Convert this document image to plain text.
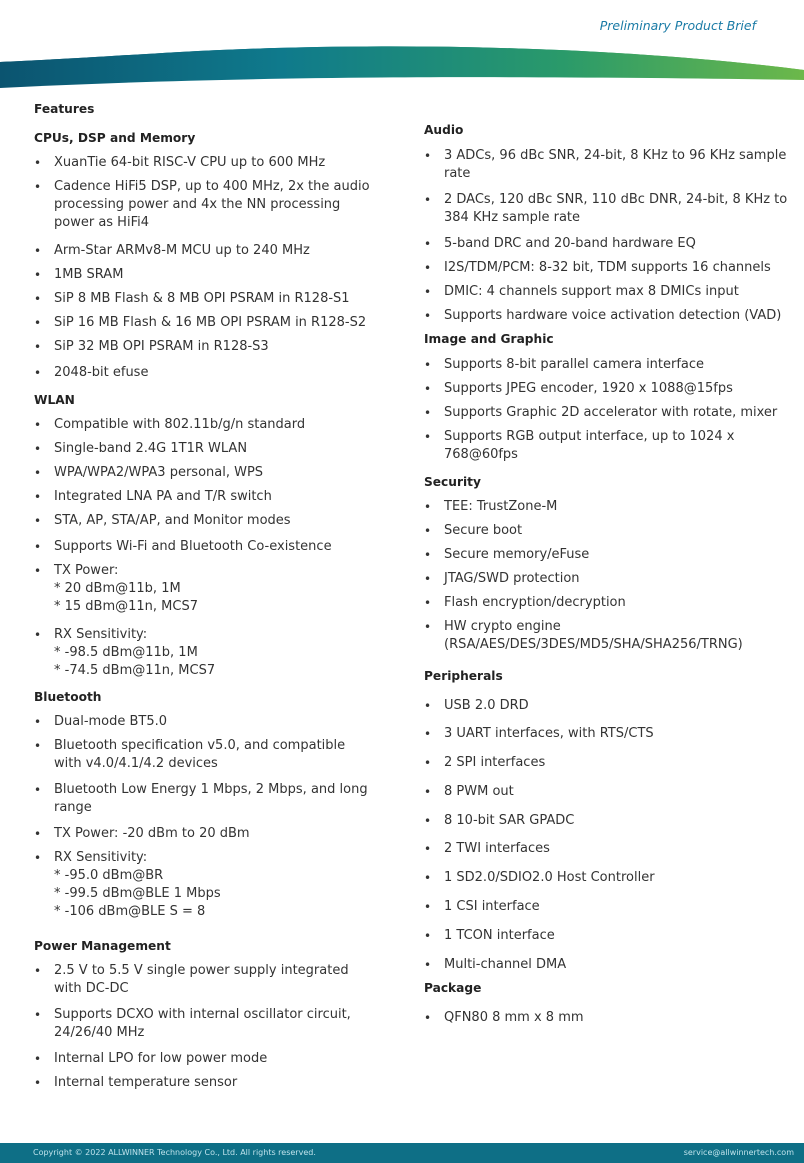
ALLWINNER	Preliminary Product Brief
Features
CPUs, DSP and Memory
• XuanTie 64-bit RISC-V CPU up to 600 MHz
• Cadence HiFi5 DSP, up to 400 MHz, 2x the audio
processing power and 4x the NN processing
power as HiFi4
• Arm-Star ARMv8-M MCU up to 240 MHz
• 1MB SRAM
• SiP 8 MB Flash & 8 MB OPI PSRAM in R128-S1
• SiP 16 MB Flash & 16 MB OPI PSRAM in R128-S2
• SiP 32 MB OPI PSRAM in R128-S3
• 2048-bit efuse
WLAN
• Compatible with 802.11b/g/n standard
• Single-band 2.4G 1T1R WLAN
• WPA/WPA2/WPA3 personal, WPS
• Integrated LNA PA and T/R switch
• STA, AP, STA/AP, and Monitor modes
• Supports Wi-Fi and Bluetooth Co-existence
• TX Power:
* 20 dBm@11b, 1M
* 15 dBm@11n, MCS7
• RX Sensitivity:
* -98.5 dBm@11b, 1M
* -74.5 dBm@11n, MCS7
Bluetooth
• Dual-mode BT5.0
• Bluetooth specification v5.0, and compatible
with v4.0/4.1/4.2 devices
• Bluetooth Low Energy 1 Mbps, 2 Mbps, and long
range
• TX Power: -20 dBm to 20 dBm
• RX Sensitivity:
* -95.0 dBm@BR
* -99.5 dBm@BLE 1 Mbps
* -106 dBm@BLE S = 8
Power Management
• 2.5 V to 5.5 V single power supply integrated
with DC-DC
• Supports DCXO with internal oscillator circuit,
24/26/40 MHz
• Internal LPO for low power mode
• Internal temperature sensor
Audio
• 3 ADCs, 96 dBc SNR, 24-bit, 8 KHz to 96 KHz sample
rate
• 2 DACs, 120 dBc SNR, 110 dBc DNR, 24-bit, 8 KHz to
384 KHz sample rate
• 5-band DRC and 20-band hardware EQ
• I2S/TDM/PCM: 8-32 bit, TDM supports 16 channels
• DMIC: 4 channels support max 8 DMICs input
• Supports hardware voice activation detection (VAD)
Image and Graphic
• Supports 8-bit parallel camera interface
• Supports JPEG encoder, 1920 x 1088@15fps
• Supports Graphic 2D accelerator with rotate, mixer
• Supports RGB output interface, up to 1024 x
768@60fps
Security
• TEE: TrustZone-M
• Secure boot
• Secure memory/eFuse
• JTAG/SWD protection
• Flash encryption/decryption
• HW crypto engine
(RSA/AES/DES/3DES/MD5/SHA/SHA256/TRNG)
Peripherals
• USB 2.0 DRD
• 3 UART interfaces, with RTS/CTS
• 2 SPI interfaces
• 8 PWM out
• 8 10-bit SAR GPADC
• 2 TWI interfaces
• 1 SD2.0/SDIO2.0 Host Controller
• 1 CSI interface
• 1 TCON interface
• Multi-channel DMA
Package
• QFN80 8 mm x 8 mm
Copyright © 2022 ALLWINNER Technology Co., Ltd. All rights reserved.	service@allwinnertech.com
